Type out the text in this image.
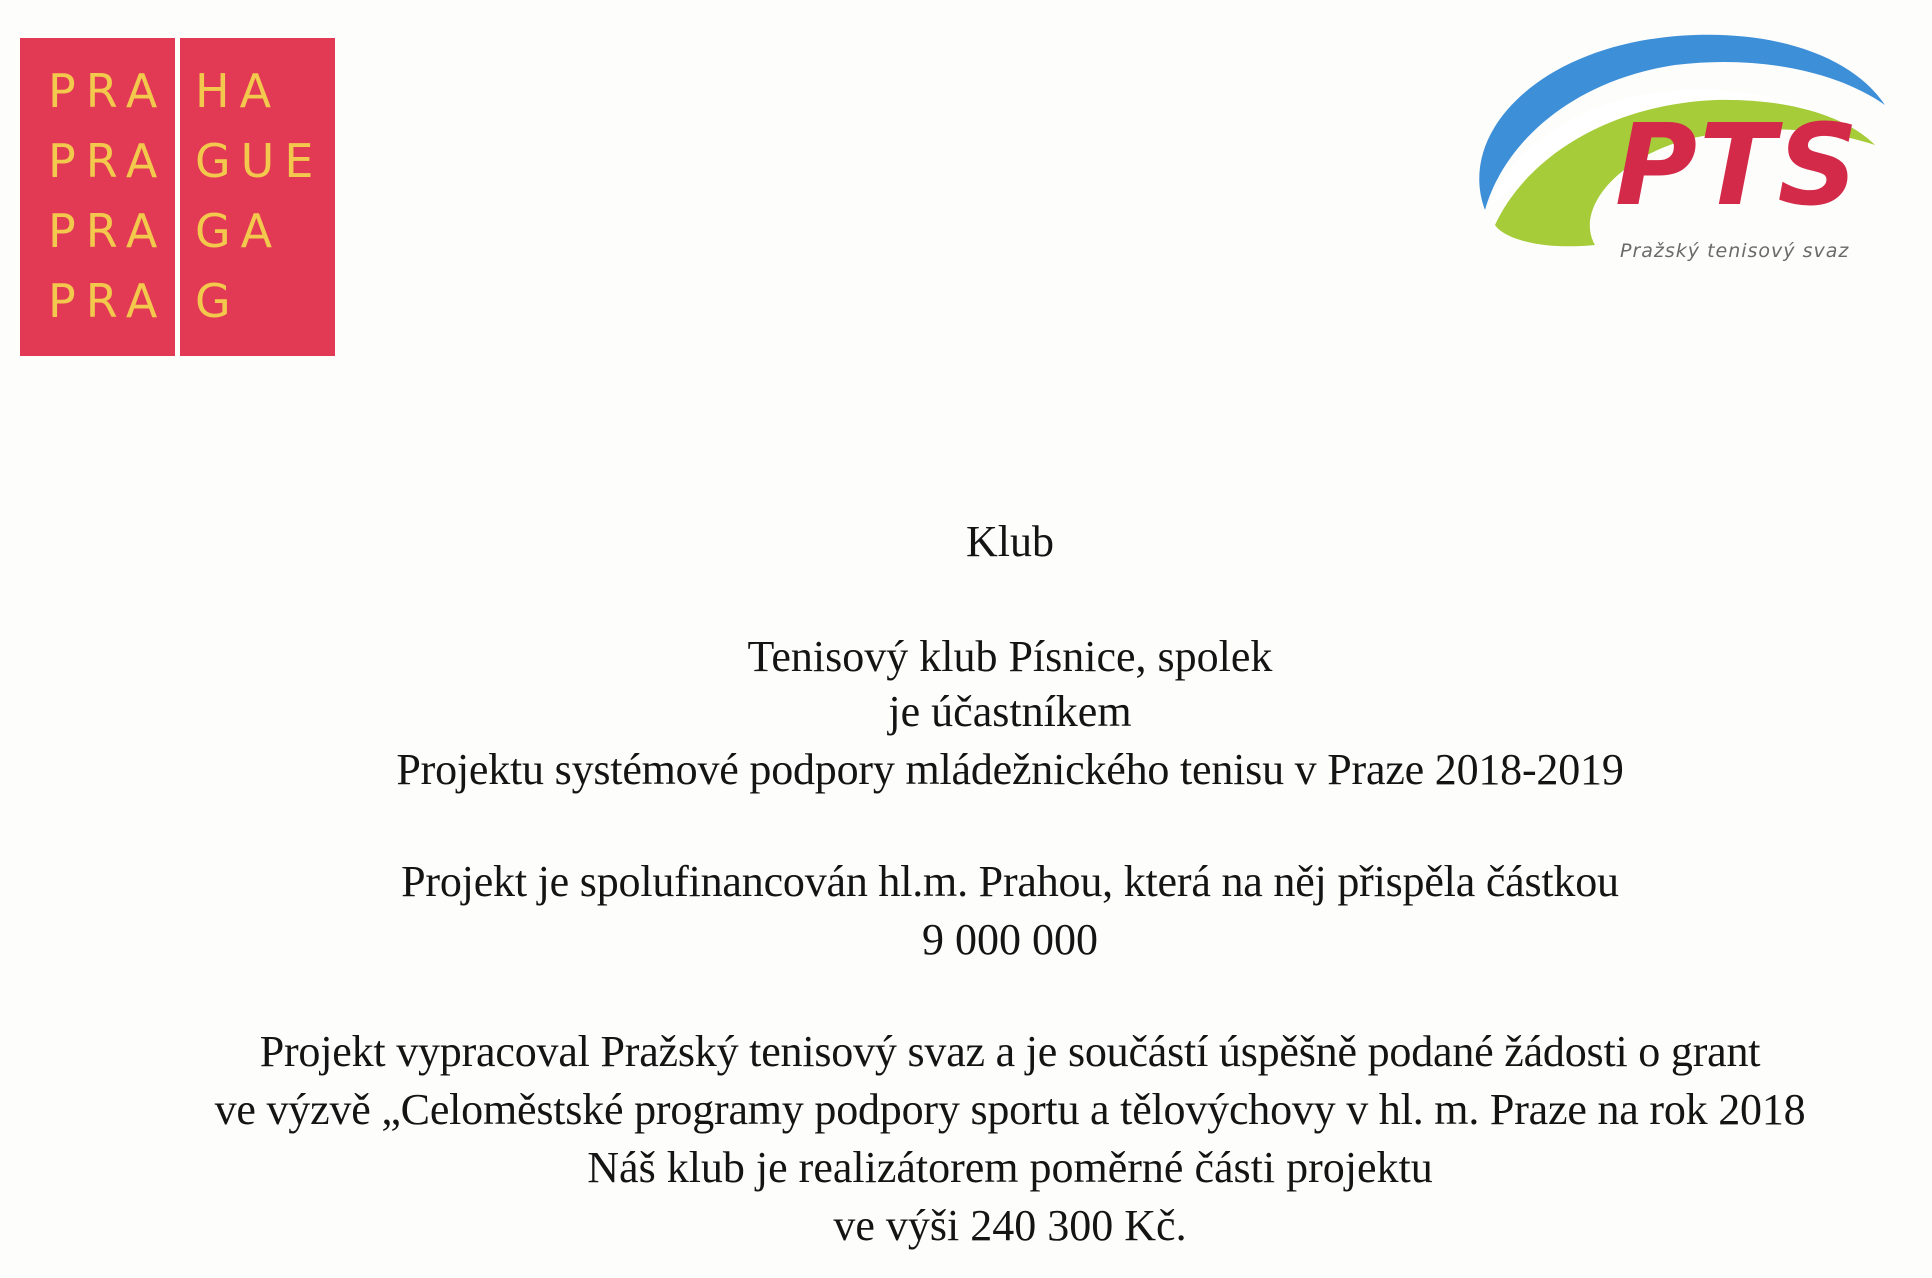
PRA
PRA
PRA
PRA
HA
GUE
GA
G
PTS
Pražský tenisový svaz
Klub
Tenisový klub Písnice, spolek
je účastníkem
Projektu systémové podpory mládežnického tenisu v Praze 2018-2019
Projekt je spolufinancován hl.m. Prahou, která na něj přispěla částkou
9 000 000
Projekt vypracoval Pražský tenisový svaz a je součástí úspěšně podané žádosti o grant
ve výzvě „Celoměstské programy podpory sportu a tělovýchovy v hl. m. Praze na rok 2018
Náš klub je realizátorem poměrné části projektu
ve výši 240 300 Kč.
